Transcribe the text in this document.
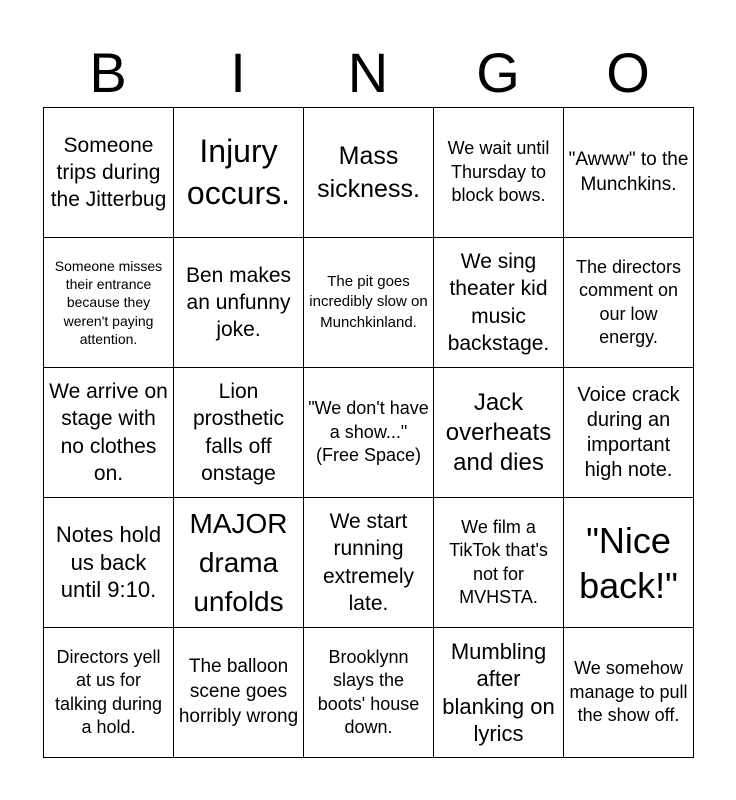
B	I	N	G	O
Someone trips during the Jitterbug	Injury occurs.	Mass sickness.	We wait until Thursday to block bows.	"Awww" to the Munchkins.
Someone misses their entrance because they weren't paying attention.	Ben makes an unfunny joke.	The pit goes incredibly slow on Munchkinland.	We sing theater kid music backstage.	The directors comment on our low energy.
We arrive on stage with no clothes on.	Lion prosthetic falls off onstage	"We don't have a show..." (Free Space)	Jack overheats and dies	Voice crack during an important high note.
Notes hold us back until 9:10.	MAJOR drama unfolds	We start running extremely late.	We film a TikTok that's not for MVHSTA.	"Nice back!"
Directors yell at us for talking during a hold.	The balloon scene goes horribly wrong	Brooklynn slays the boots' house down.	Mumbling after blanking on lyrics	We somehow manage to pull the show off.
